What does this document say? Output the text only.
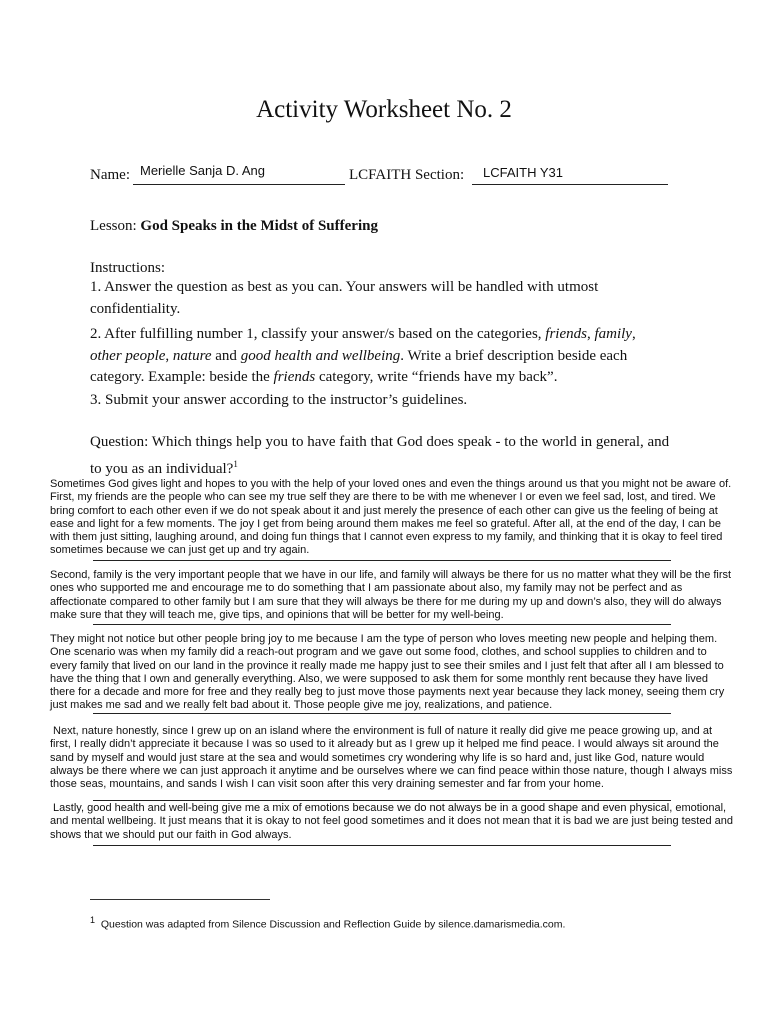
Activity Worksheet No. 2
Name: Merielle Sanja D. Ang	LCFAITH Section: LCFAITH Y31

Lesson: God Speaks in the Midst of Suffering

Instructions:

1. Answer the question as best as you can. Your answers will be handled with utmost confidentiality.

2. After fulfilling number 1, classify your answer/s based on the categories, friends, family, other people, nature and good health and wellbeing. Write a brief description beside each category. Example: beside the friends category, write “friends have my back”.

3. Submit your answer according to the instructor’s guidelines.

Question: Which things help you to have faith that God does speak - to the world in general, and to you as an individual?$^1$

Sometimes God gives light and hopes to you with the help of your loved ones and even the things around us that you might not be aware of.
First, my friends are the people who can see my true self they are there to be with me whenever I or even we feel sad, lost, and tired. We
bring comfort to each other even if we do not speak about it and just merely the presence of each other can give us the feeling of being at
ease and light for a few moments. The joy I get from being around them makes me feel so grateful. After all, at the end of the day, I can be
with them just sitting, laughing around, and doing fun things that I cannot even express to my family, and thinking that it is okay to feel tired
sometimes because we can just get up and try again.

Second, family is the very important people that we have in our life, and family will always be there for us no matter what they will be the first
ones who supported me and encourage me to do something that I am passionate about also, my family may not be perfect and as
affectionate compared to other family but I am sure that they will always be there for me during my up and down’s also, they will do always
make sure that they will teach me, give tips, and opinions that will be better for my well-being.

They might not notice but other people bring joy to me because I am the type of person who loves meeting new people and helping them.
One scenario was when my family did a reach-out program and we gave out some food, clothes, and school supplies to children and to
every family that lived on our land in the province it really made me happy just to see their smiles and I just felt that after all I am blessed to
have the thing that I own and generally everything. Also, we were supposed to ask them for some monthly rent because they have lived
there for a decade and more for free and they really beg to just move those payments next year because they lack money, seeing them cry
just makes me sad and we really felt bad about it. Those people give me joy, realizations, and patience.

Next, nature honestly, since I grew up on an island where the environment is full of nature it really did give me peace growing up, and at
first, I really didn’t appreciate it because I was so used to it already but as I grew up it helped me find peace. I would always sit around the
sand by myself and would just stare at the sea and would sometimes cry wondering why life is so hard and, just like God, nature would
always be there where we can just approach it anytime and be ourselves where we can find peace within those nature, though I always miss
those seas, mountains, and sands I wish I can visit soon after this very draining semester and far from your home.

Lastly, good health and well-being give me a mix of emotions because we do not always be in a good shape and even physical, emotional,
and mental wellbeing. It just means that it is okay to not feel good sometimes and it does not mean that it is bad we are just being tested and
shows that we should put our faith in God always.

$^1$ Question was adapted from Silence Discussion and Reflection Guide by silence.damarismedia.com.
